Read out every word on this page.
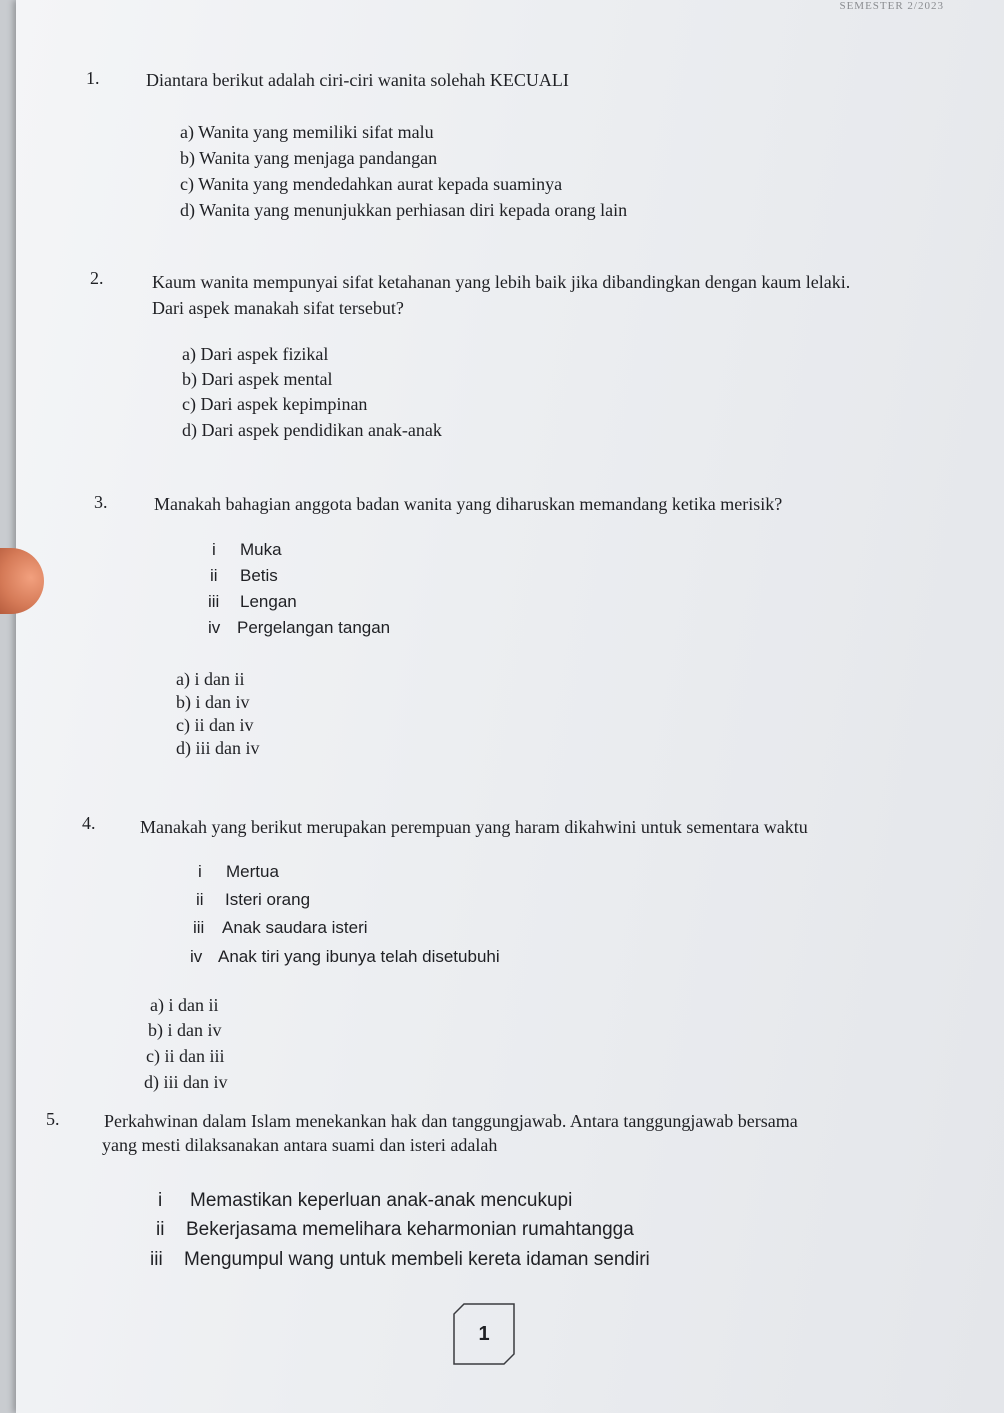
SEMESTER 2/2023
1.	Diantara berikut adalah ciri-ciri wanita solehah KECUALI
a) Wanita yang memiliki sifat malu
b) Wanita yang menjaga pandangan
c) Wanita yang mendedahkan aurat kepada suaminya
d) Wanita yang menunjukkan perhiasan diri kepada orang lain
2.	Kaum wanita mempunyai sifat ketahanan yang lebih baik jika dibandingkan dengan kaum lelaki.
Dari aspek manakah sifat tersebut?
a) Dari aspek fizikal
b) Dari aspek mental
c) Dari aspek kepimpinan
d) Dari aspek pendidikan anak-anak
3.	Manakah bahagian anggota badan wanita yang diharuskan memandang ketika merisik?
i Muka
ii Betis
iii Lengan
iv Pergelangan tangan
a) i dan ii
b) i dan iv
c) ii dan iv
d) iii dan iv
4. Manakah yang berikut merupakan perempuan yang haram dikahwini untuk sementara waktu
i Mertua
ii Isteri orang
iii Anak saudara isteri
iv Anak tiri yang ibunya telah disetubuhi
a) i dan ii
b) i dan iv
c) ii dan iii
d) iii dan iv
5. Perkahwinan dalam Islam menekankan hak dan tanggungjawab. Antara tanggungjawab bersama
yang mesti dilaksanakan antara suami dan isteri adalah
i Memastikan keperluan anak-anak mencukupi
ii Bekerjasama memelihara keharmonian rumahtangga
iii Mengumpul wang untuk membeli kereta idaman sendiri
1
